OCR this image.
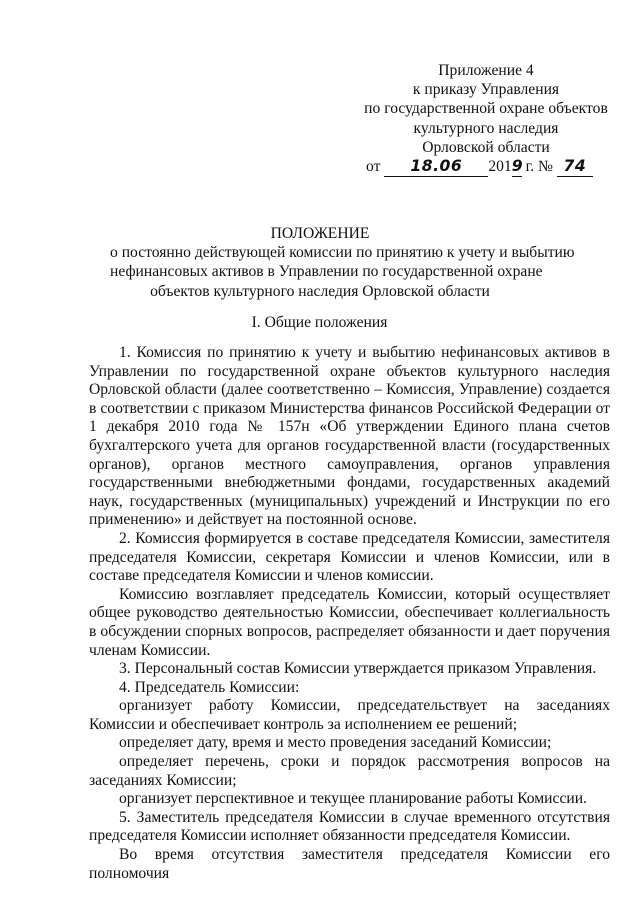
Приложение 4
к приказу Управления
по государственной охране объектов
культурного наследия
Орловской области
от 18.06 2019 г. № 74
ПОЛОЖЕНИЕ
о постоянно действующей комиссии по принятию к учету и выбытию
нефинансовых активов в Управлении по государственной охране
объектов культурного наследия Орловской области
I. Общие положения

1. Комиссия по принятию к учету и выбытию нефинансовых активов в Управлении по государственной охране объектов культурного наследия Орловской области (далее соответственно – Комиссия, Управление) создается в соответствии с приказом Министерства финансов Российской Федерации от 1 декабря 2010 года № 157н «Об утверждении Единого плана счетов бухгалтерского учета для органов государственной власти (государственных органов), органов местного самоуправления, органов управления государственными внебюджетными фондами, государственных академий наук, государственных (муниципальных) учреждений и Инструкции по его применению» и действует на постоянной основе.

2. Комиссия формируется в составе председателя Комиссии, заместителя председателя Комиссии, секретаря Комиссии и членов Комиссии, или в составе председателя Комиссии и членов комиссии.

Комиссию возглавляет председатель Комиссии, который осуществляет общее руководство деятельностью Комиссии, обеспечивает коллегиальность в обсуждении спорных вопросов, распределяет обязанности и дает поручения членам Комиссии.

3. Персональный состав Комиссии утверждается приказом Управления.

4. Председатель Комиссии:

организует работу Комиссии, председательствует на заседаниях Комиссии и обеспечивает контроль за исполнением ее решений;

определяет дату, время и место проведения заседаний Комиссии;

определяет перечень, сроки и порядок рассмотрения вопросов на заседаниях Комиссии;

организует перспективное и текущее планирование работы Комиссии.

5. Заместитель председателя Комиссии в случае временного отсутствия председателя Комиссии исполняет обязанности председателя Комиссии.

Во время отсутствия заместителя председателя Комиссии его полномочия
